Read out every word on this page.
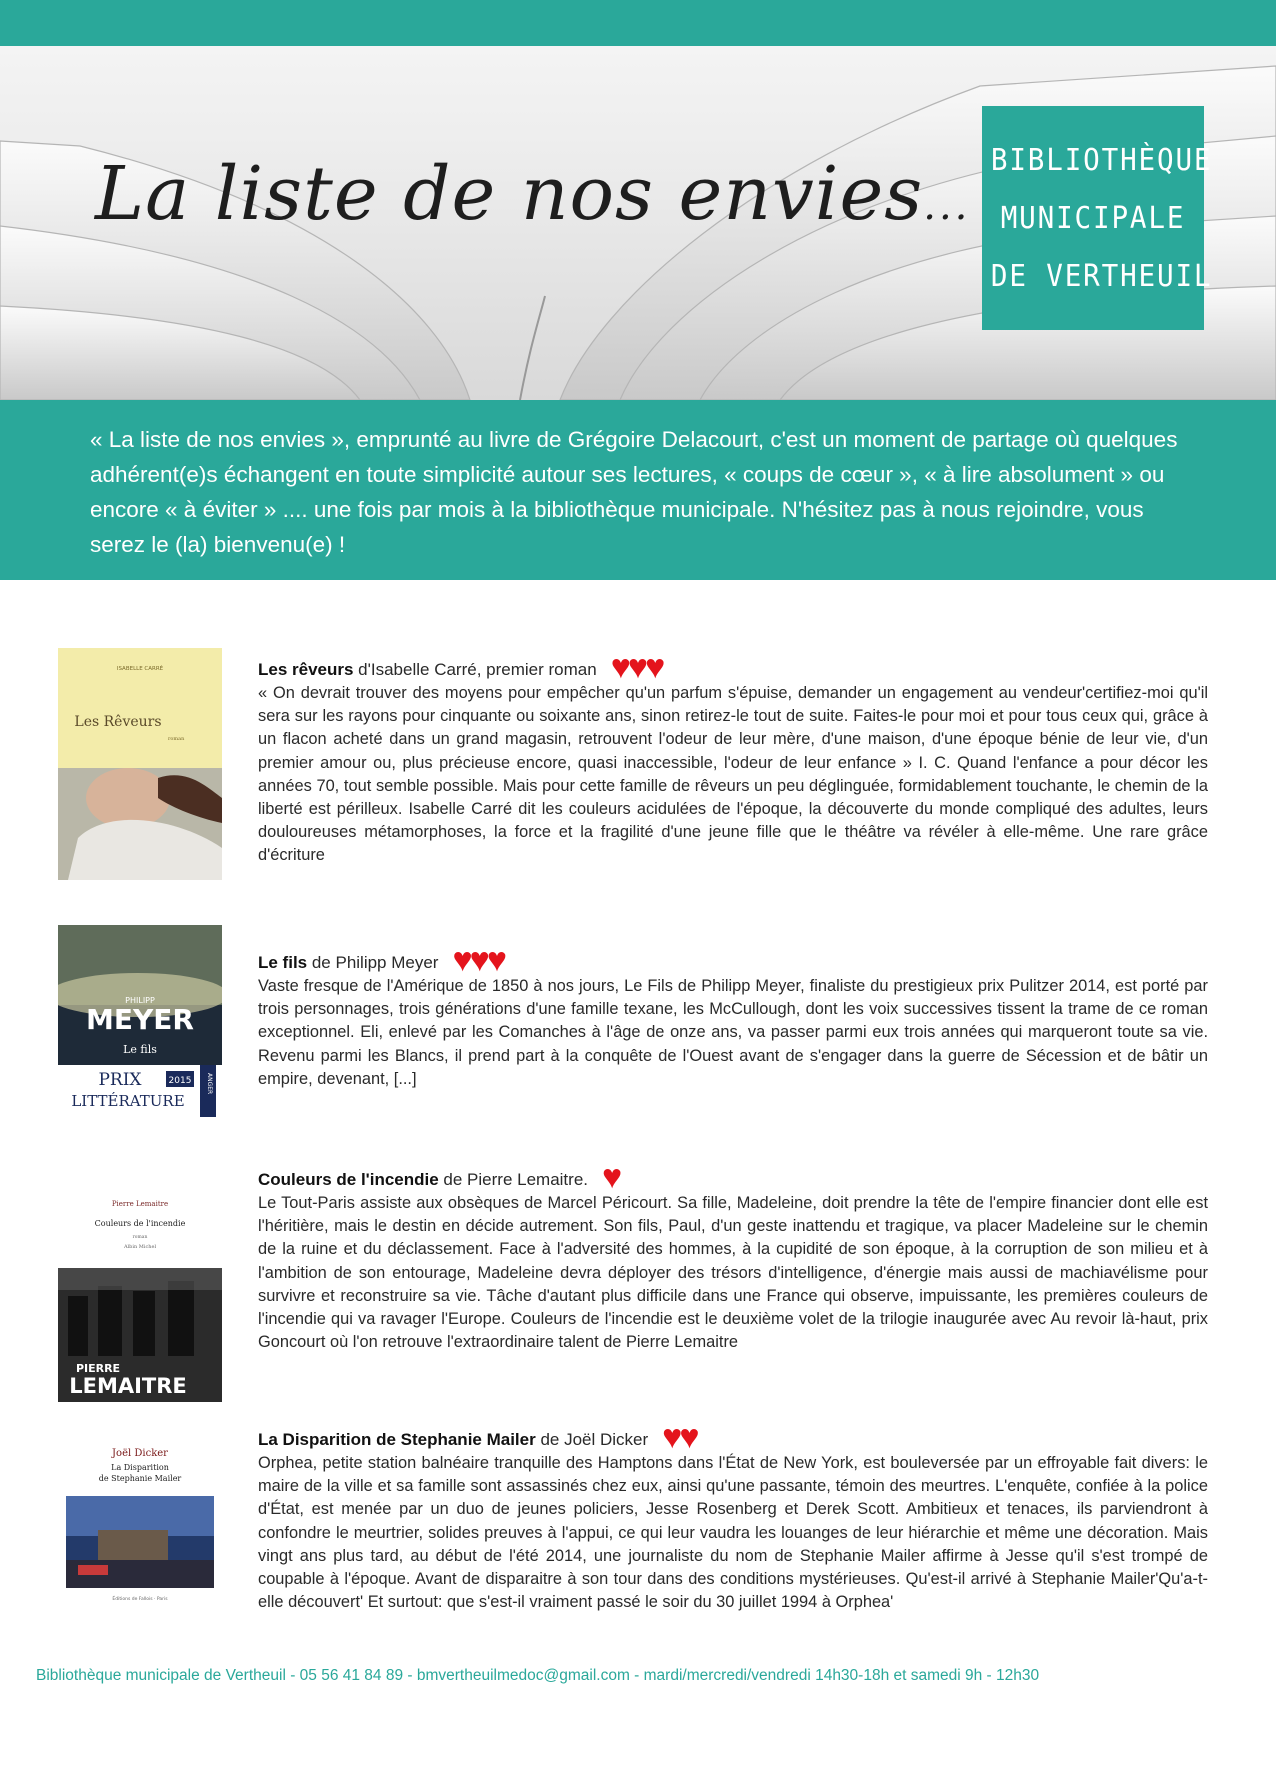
La liste de nos envies...
BIBLIOTHÈQUE
MUNICIPALE
DE VERTHEUIL
« La liste de nos envies », emprunté au livre de Grégoire Delacourt, c'est un moment de partage où quelques adhérent(e)s échangent en toute simplicité autour ses lectures, « coups de cœur », « à lire absolument » ou encore « à éviter » .... une fois par mois à la bibliothèque municipale. N'hésitez pas à nous rejoindre, vous serez le (la) bienvenu(e) !
ISABELLE CARRÉ
Les Rêveurs
roman
Les rêveurs d'Isabelle Carré, premier roman ♥♥♥

« On devrait trouver des moyens pour empêcher qu'un parfum s'épuise, demander un engagement au vendeur'certifiez-moi qu'il sera sur les rayons pour cinquante ou soixante ans, sinon retirez-le tout de suite. Faites-le pour moi et pour tous ceux qui, grâce à un flacon acheté dans un grand magasin, retrouvent l'odeur de leur mère, d'une maison, d'une époque bénie de leur vie, d'un premier amour ou, plus précieuse encore, quasi inaccessible, l'odeur de leur enfance » I. C. Quand l'enfance a pour décor les années 70, tout semble possible. Mais pour cette famille de rêveurs un peu déglinguée, formidablement touchante, le chemin de la liberté est périlleux. Isabelle Carré dit les couleurs acidulées de l'époque, la découverte du monde compliqué des adultes, leurs douloureuses métamorphoses, la force et la fragilité d'une jeune fille que le théâtre va révéler à elle-même. Une rare grâce d'écriture

PHILIPP
MEYER
Le fils
PRIX	2015
LITTÉRATURE
ANGER
Le fils de Philipp Meyer ♥♥♥

Vaste fresque de l'Amérique de 1850 à nos jours, Le Fils de Philipp Meyer, finaliste du prestigieux prix Pulitzer 2014, est porté par trois personnages, trois générations d'une famille texane, les McCullough, dont les voix successives tissent la trame de ce roman exceptionnel. Eli, enlevé par les Comanches à l'âge de onze ans, va passer parmi eux trois années qui marqueront toute sa vie. Revenu parmi les Blancs, il prend part à la conquête de l'Ouest avant de s'engager dans la guerre de Sécession et de bâtir un empire, devenant, [...]

Pierre Lemaitre
Couleurs de l'incendie
roman
Albin Michel
PIERRE
LEMAITRE
Couleurs de l'incendie de Pierre Lemaitre. ♥

Le Tout-Paris assiste aux obsèques de Marcel Péricourt. Sa fille, Madeleine, doit prendre la tête de l'empire financier dont elle est l'héritière, mais le destin en décide autrement. Son fils, Paul, d'un geste inattendu et tragique, va placer Madeleine sur le chemin de la ruine et du déclassement. Face à l'adversité des hommes, à la cupidité de son époque, à la corruption de son milieu et à l'ambition de son entourage, Madeleine devra déployer des trésors d'intelligence, d'énergie mais aussi de machiavélisme pour survivre et reconstruire sa vie. Tâche d'autant plus difficile dans une France qui observe, impuissante, les premières couleurs de l'incendie qui va ravager l'Europe. Couleurs de l'incendie est le deuxième volet de la trilogie inaugurée avec Au revoir là-haut, prix Goncourt où l'on retrouve l'extraordinaire talent de Pierre Lemaitre

Joël Dicker
La Disparition
de Stephanie Mailer
Éditions de Fallois · Paris
La Disparition de Stephanie Mailer de Joël Dicker ♥♥

Orphea, petite station balnéaire tranquille des Hamptons dans l'État de New York, est bouleversée par un effroyable fait divers: le maire de la ville et sa famille sont assassinés chez eux, ainsi qu'une passante, témoin des meurtres. L'enquête, confiée à la police d'État, est menée par un duo de jeunes policiers, Jesse Rosenberg et Derek Scott. Ambitieux et tenaces, ils parviendront à confondre le meurtrier, solides preuves à l'appui, ce qui leur vaudra les louanges de leur hiérarchie et même une décoration. Mais vingt ans plus tard, au début de l'été 2014, une journaliste du nom de Stephanie Mailer affirme à Jesse qu'il s'est trompé de coupable à l'époque. Avant de disparaitre à son tour dans des conditions mystérieuses. Qu'est-il arrivé à Stephanie Mailer'Qu'a-t-elle découvert' Et surtout: que s'est-il vraiment passé le soir du 30 juillet 1994 à Orphea'

Bibliothèque municipale de Vertheuil - 05 56 41 84 89 - bmvertheuilmedoc@gmail.com - mardi/mercredi/vendredi 14h30-18h et samedi 9h - 12h30
